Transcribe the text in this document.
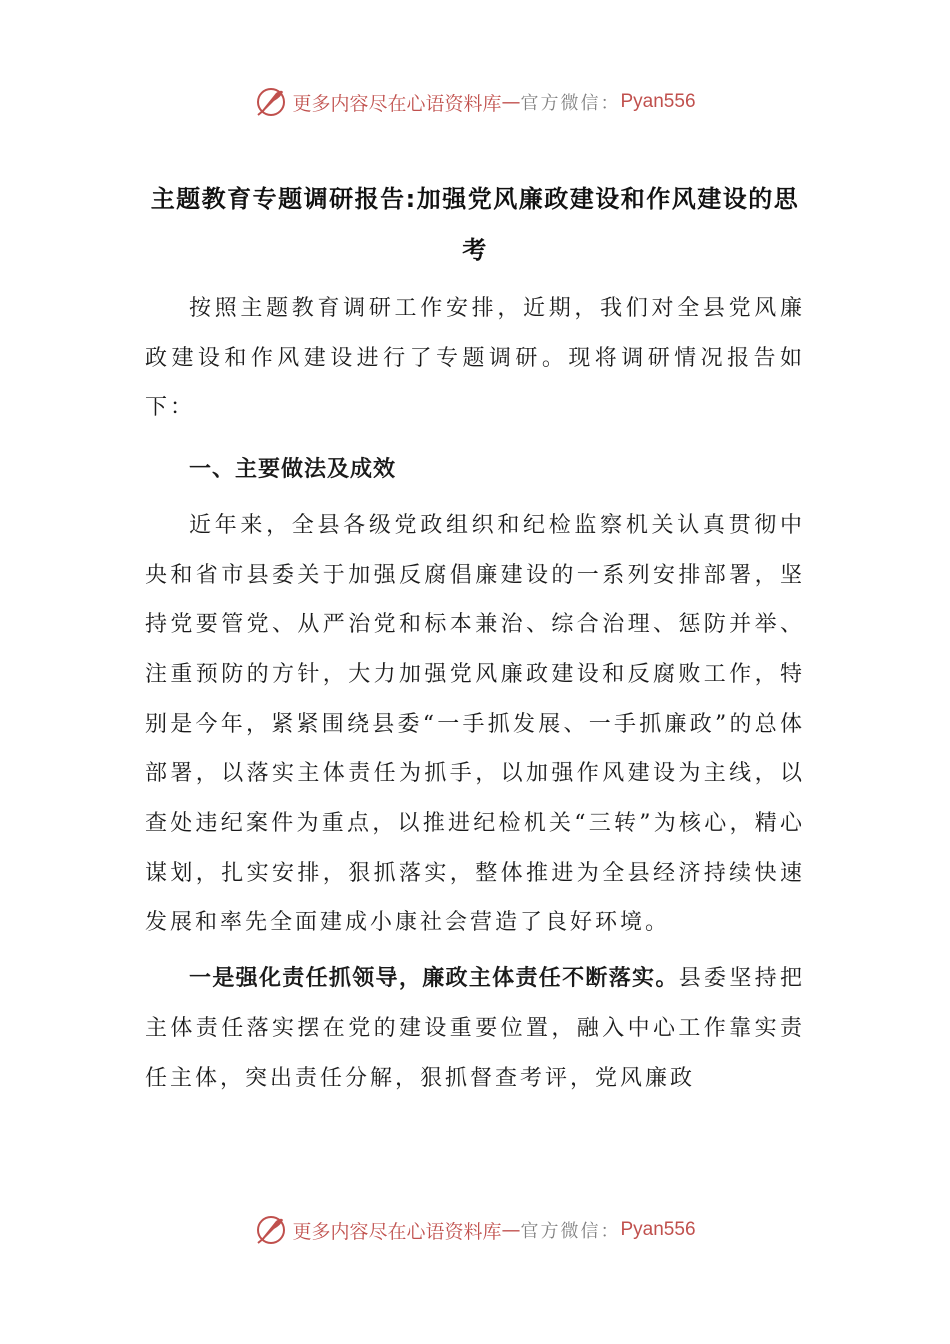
更多内容尽在心语资料库 — 官方微信： Pyan556
主题教育专题调研报告:加强党风廉政建设和作风建设的思考

按照主题教育调研工作安排，近期，我们对全县党风廉政建设和作风建设进行了专题调研。现将调研情况报告如下：

一、主要做法及成效

近年来，全县各级党政组织和纪检监察机关认真贯彻中央和省市县委关于加强反腐倡廉建设的一系列安排部署，坚持党要管党、从严治党和标本兼治、综合治理、惩防并举、注重预防的方针，大力加强党风廉政建设和反腐败工作，特别是今年，紧紧围绕县委“一手抓发展、一手抓廉政”的总体部署，以落实主体责任为抓手，以加强作风建设为主线，以查处违纪案件为重点，以推进纪检机关“三转”为核心，精心谋划，扎实安排，狠抓落实，整体推进为全县经济持续快速发展和率先全面建成小康社会营造了良好环境。

一是强化责任抓领导，廉政主体责任不断落实。县委坚持把主体责任落实摆在党的建设重要位置，融入中心工作靠实责任主体，突出责任分解，狠抓督查考评，党风廉政

更多内容尽在心语资料库 — 官方微信： Pyan556
